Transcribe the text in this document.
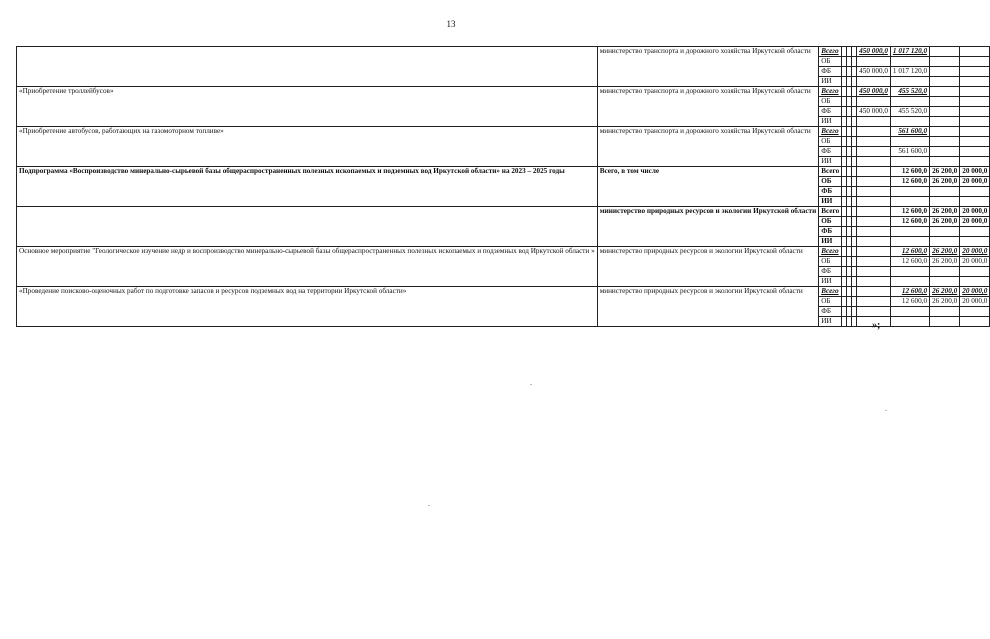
13
	министерство транспорта и дорожного хозяйства Иркутской области	Всего				450 000,0	1 017 120,0		
		ОБ							
		ФБ				450 000,0	1 017 120,0		
		ИИ							
«Приобретение троллейбусов»	министерство транспорта и дорожного хозяйства Иркутской области	Всего				450 000,0	455 520,0		
		ОБ							
		ФБ				450 000,0	455 520,0		
		ИИ							
«Приобретение автобусов, работающих на газомоторном топливе»	министерство транспорта и дорожного хозяйства Иркутской области	Всего					561 600,0		
		ОБ							
		ФБ					561 600,0		
		ИИ							
Подпрограмма «Воспроизводство минерально-сырьевой базы общераспространенных полезных ископаемых и подземных вод Иркутской области» на 2023 – 2025 годы	Всего, в том числе	Всего					12 600,0	26 200,0	20 000,0
		ОБ					12 600,0	26 200,0	20 000,0
		ФБ							
		ИИ							
	министерство природных ресурсов и экологии Иркутской области	Всего					12 600,0	26 200,0	20 000,0
		ОБ					12 600,0	26 200,0	20 000,0
		ФБ							
		ИИ							
Основное мероприятие "Геологическое изучение недр и воспроизводство минерально-сырьевой базы общераспространенных полезных ископаемых и подземных вод Иркутской области »	министерство природных ресурсов и экологии Иркутской области	Всего					12 600,0	26 200,0	20 000,0
		ОБ					12 600,0	26 200,0	20 000,0
		ФБ							
		ИИ							
«Проведение поисково-оценочных работ по подготовке запасов и ресурсов подземных вод на территории Иркутской области»	министерство природных ресурсов и экологии Иркутской области	Всего					12 600,0	26 200,0	20 000,0
		ОБ					12 600,0	26 200,0	20 000,0
		ФБ							
		ИИ								»;
